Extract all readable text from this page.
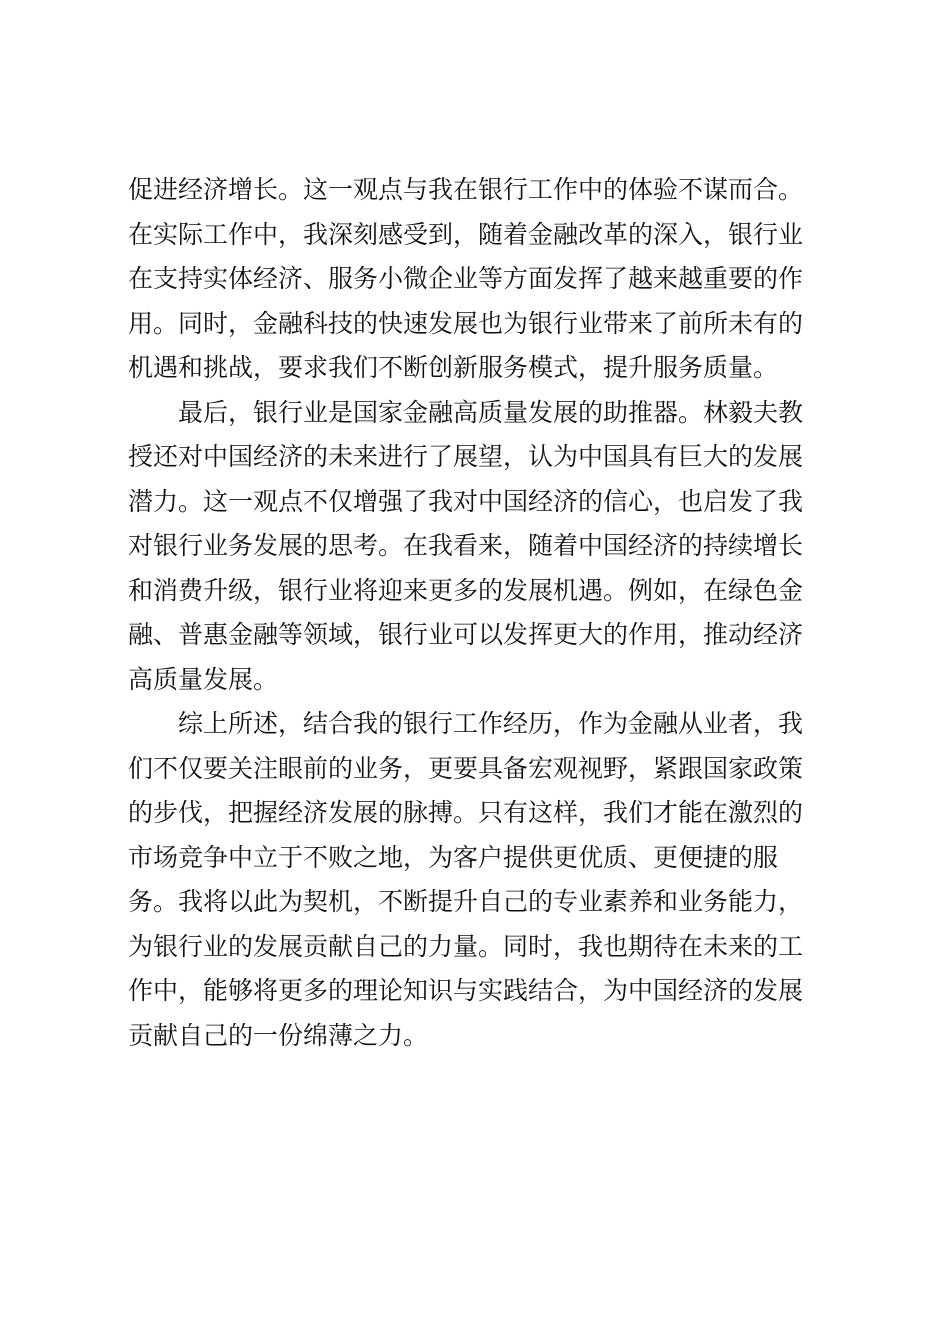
促进经济增长。这一观点与我在银行工作中的体验不谋而合。

在实际工作中，我深刻感受到，随着金融改革的深入，银行业

在支持实体经济、服务小微企业等方面发挥了越来越重要的作

用。同时，金融科技的快速发展也为银行业带来了前所未有的

机遇和挑战，要求我们不断创新服务模式，提升服务质量。

最后，银行业是国家金融高质量发展的助推器。林毅夫教

授还对中国经济的未来进行了展望，认为中国具有巨大的发展

潜力。这一观点不仅增强了我对中国经济的信心，也启发了我

对银行业务发展的思考。在我看来，随着中国经济的持续增长

和消费升级，银行业将迎来更多的发展机遇。例如，在绿色金

融、普惠金融等领域，银行业可以发挥更大的作用，推动经济

高质量发展。

综上所述，结合我的银行工作经历，作为金融从业者，我

们不仅要关注眼前的业务，更要具备宏观视野，紧跟国家政策

的步伐，把握经济发展的脉搏。只有这样，我们才能在激烈的

市场竞争中立于不败之地，为客户提供更优质、更便捷的服

务。我将以此为契机，不断提升自己的专业素养和业务能力，

为银行业的发展贡献自己的力量。同时，我也期待在未来的工

作中，能够将更多的理论知识与实践结合，为中国经济的发展

贡献自己的一份绵薄之力。
